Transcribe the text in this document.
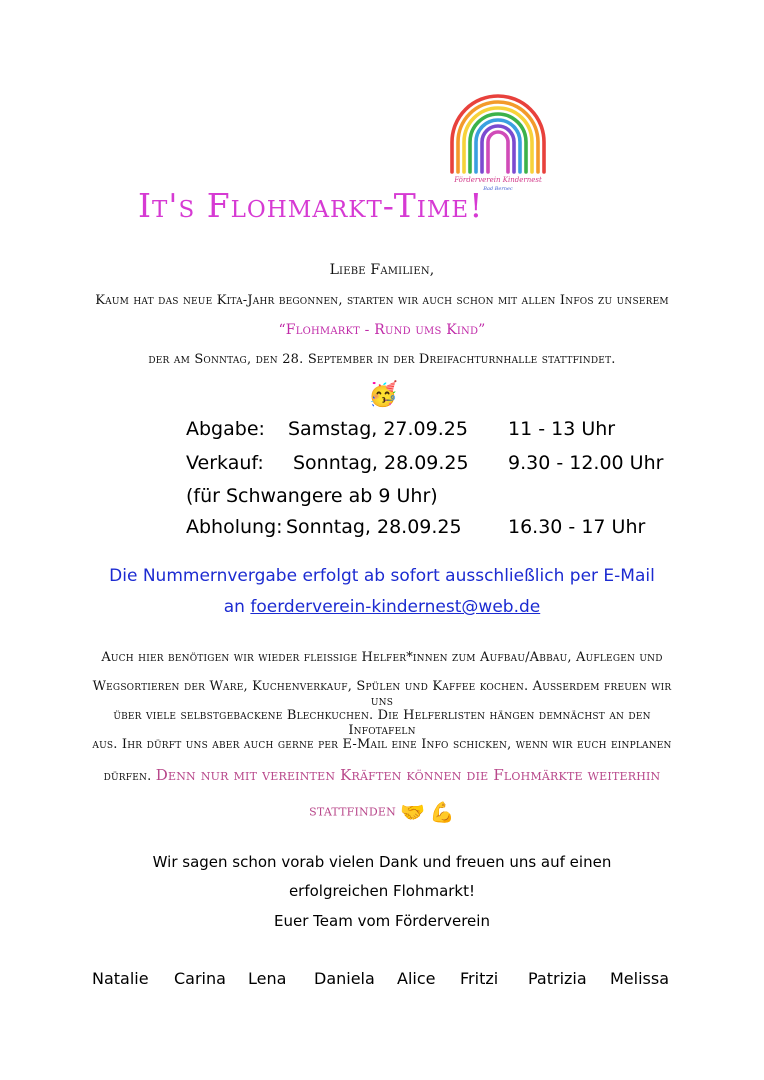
Förderverein Kindernest
Bad Bernec
It's Flohmarkt-Time!
Liebe Familien,
Kaum hat das neue Kita-Jahr begonnen, starten wir auch schon mit allen Infos zu unserem
“Flohmarkt - Rund ums Kind”
der am Sonntag, den 28. September in der Dreifachturnhalle stattfindet.
🥳
Abgabe: Samstag, 27.09.25 11 - 13 Uhr
Verkauf: Sonntag, 28.09.25 9.30 - 12.00 Uhr
(für Schwangere ab 9 Uhr)
Abholung: Sonntag, 28.09.25 16.30 - 17 Uhr
Die Nummernvergabe erfolgt ab sofort ausschließlich per E-Mail
an foerderverein-kindernest@web.de
Auch hier benötigen wir wieder fleißige Helfer*innen zum Aufbau/Abbau, Auflegen und
Wegsortieren der Ware, Kuchenverkauf, Spülen und Kaffee kochen. Außerdem freuen wir uns
über viele selbstgebackene Blechkuchen. Die Helferlisten hängen demnächst an den Infotafeln
aus. Ihr dürft uns aber auch gerne per E-Mail eine Info schicken, wenn wir euch einplanen
dürfen. Denn nur mit vereinten Kräften können die Flohmärkte weiterhin
stattfinden 🤝 💪
Wir sagen schon vorab vielen Dank und freuen uns auf einen
erfolgreichen Flohmarkt!
Euer Team vom Förderverein
Natalie Carina Lena Daniela Alice Fritzi Patrizia Melissa
